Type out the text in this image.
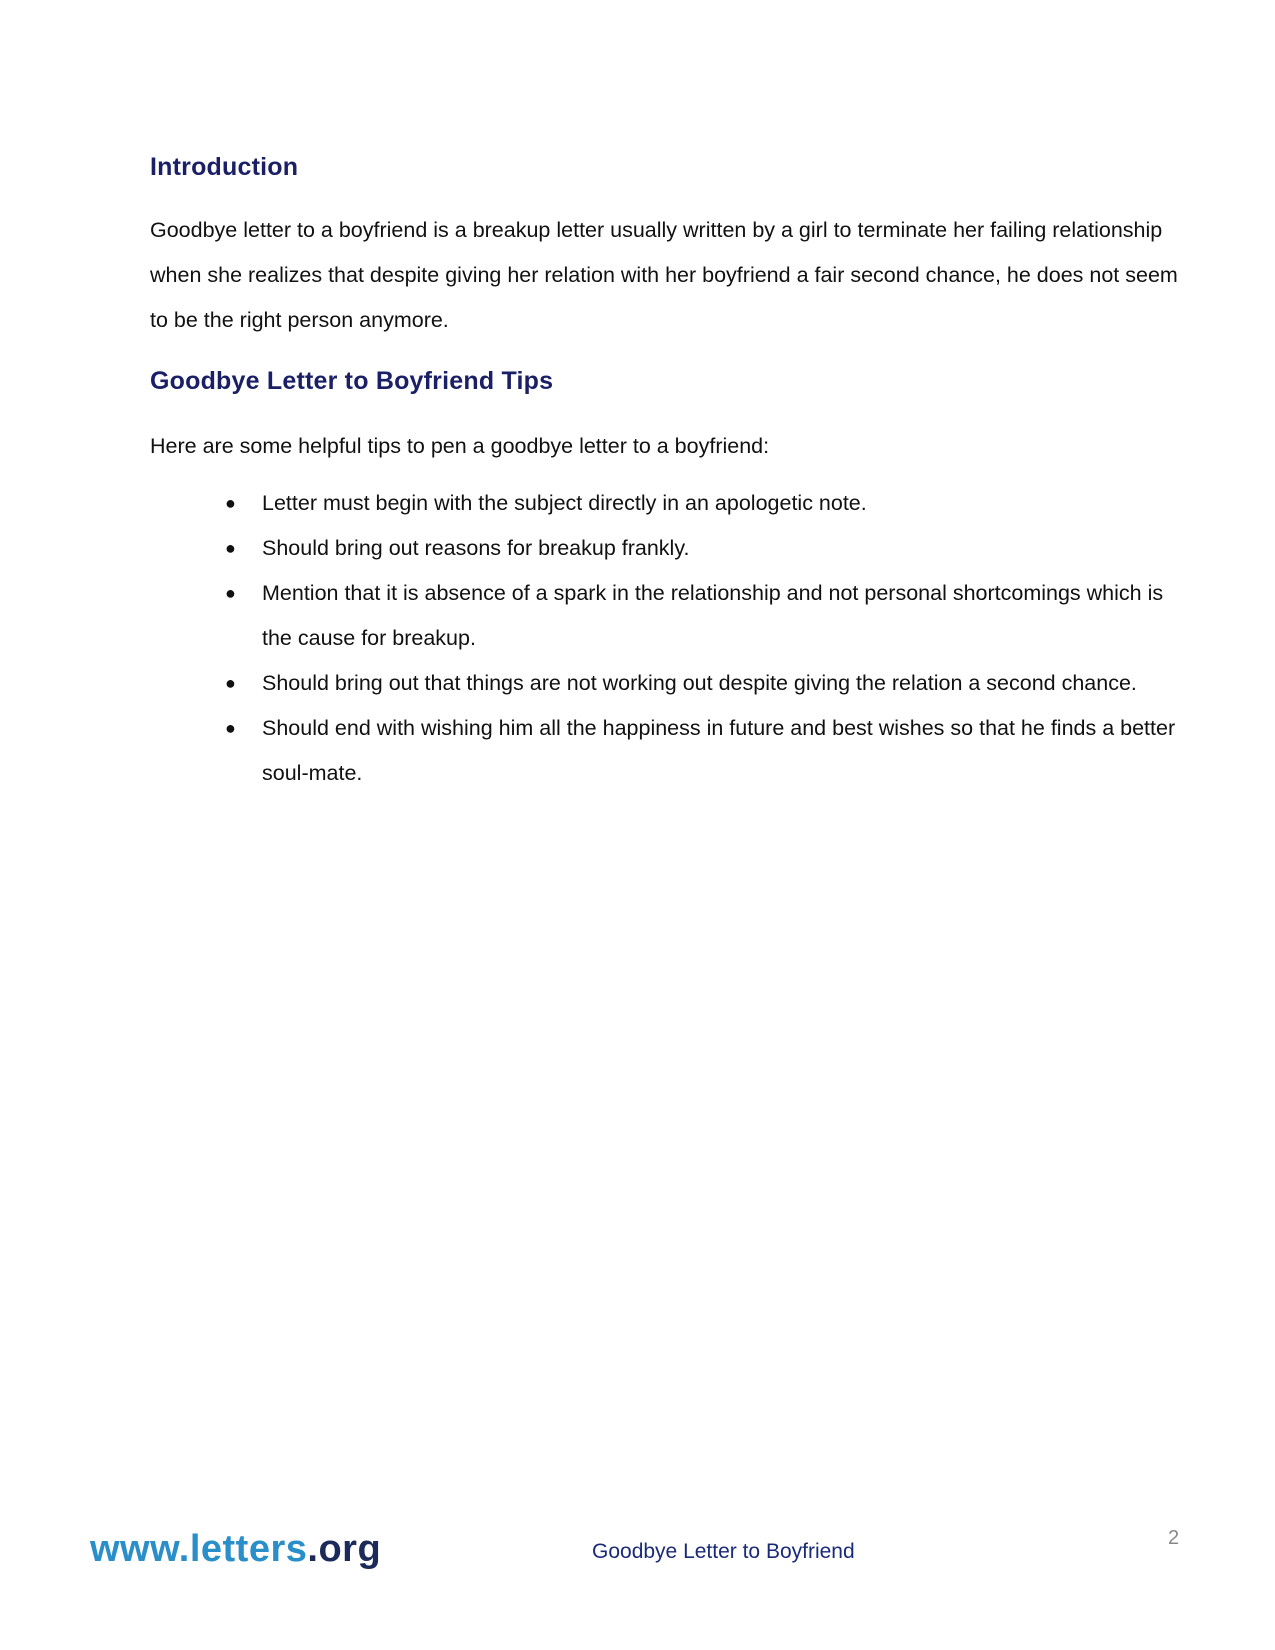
Introduction

Goodbye letter to a boyfriend is a breakup letter usually written by a girl to terminate her failing relationship when she realizes that despite giving her relation with her boyfriend a fair second chance, he does not seem to be the right person anymore.

Goodbye Letter to Boyfriend Tips

Here are some helpful tips to pen a goodbye letter to a boyfriend:

● Letter must begin with the subject directly in an apologetic note.
● Should bring out reasons for breakup frankly.
● Mention that it is absence of a spark in the relationship and not personal shortcomings which is the cause for breakup.
● Should bring out that things are not working out despite giving the relation a second chance.
● Should end with wishing him all the happiness in future and best wishes so that he finds a better soul-mate.
www.letters.org	Goodbye Letter to Boyfriend
2
